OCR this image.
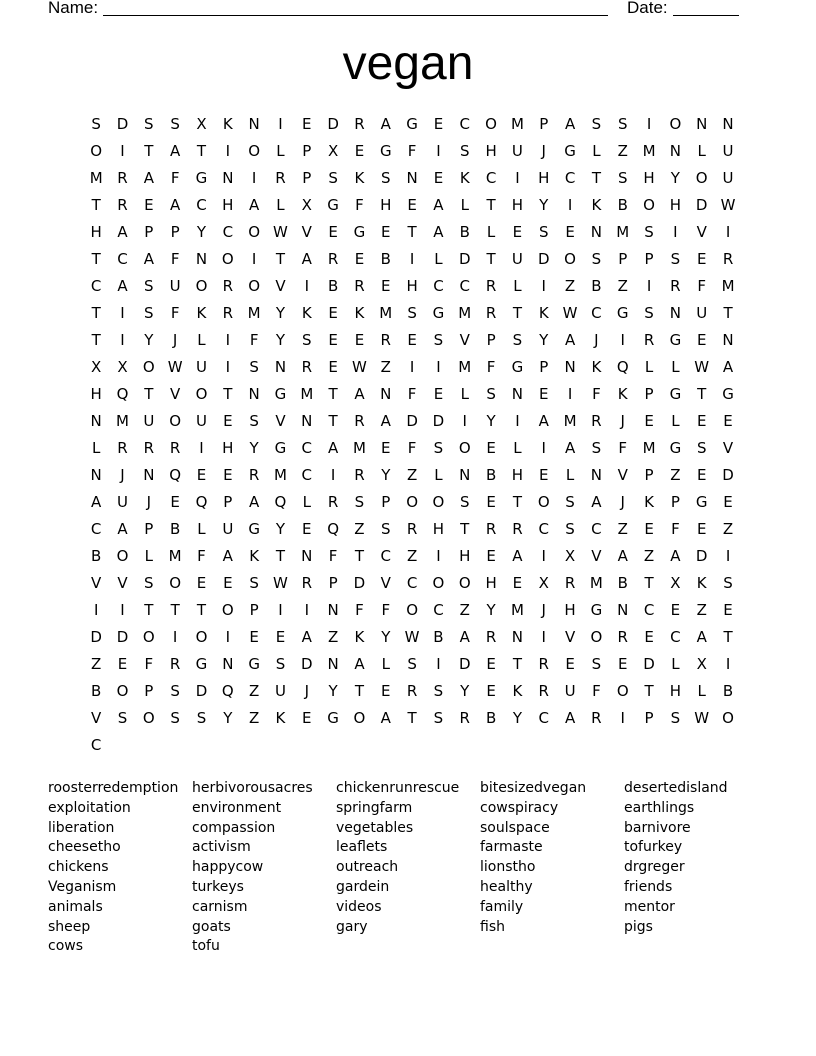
Name:	Date:
vegan
S	D	S	S	X	K	N	I	E	D	R	A	G	E	C	O M	P	A	S	S	I	O N	N
O	I	T	A	T	I	O	L	P	X	E	G	F	I	S	H	U	J	G	L	Z M N	L	U
M R	A	F	G N	I	R	P	S	K	S	N	E	K	C	I	H	C	T	S	H	Y	O U
T	R	E	A	C	H	A	L	X	G	F	H	E	A	L	T	H	Y	I	K	B	O H D W
H	A	P	P	Y	C	O W V	E	G	E	T	A	B	L	E	S	E	N M	S	I	V	I
T	C	A	F	N O	I	T	A	R	E	B	I	L	D	T	U	D O	S	P	P	S	E	R
C	A	S	U O	R	O	V	I	B	R	E	H	C	C	R	L	I	Z	B	Z	I	R	F	M
T	I	S	F	K	R M	Y	K	E	K M	S	G M R	T	K W C	G	S	N	U	T
T	I	Y	J	L	I	F	Y	S	E	E	R	E	S	V	P	S	Y	A	J	I	R	G	E	N
X	X	O W U	I	S	N	R	E W Z	I	I	M	F	G	P	N	K	Q	L	L W A
H Q	T	V	O	T	N G M	T	A	N	F	E	L	S	N	E	I	F	K	P	G	T	G
N M U O U	E	S	V	N	T	R	A	D D	I	Y	I	A M R	J	E	L	E	E
L	R	R	R	I	H	Y	G	C	A M	E	F	S	O	E	L	I	A	S	F	M G	S	V
N	J	N Q	E	E	R M C	I	R	Y	Z	L	N	B	H	E	L	N	V	P	Z	E	D
A	U	J	E	Q	P	A	Q	L	R	S	P	O O	S	E	T	O	S	A	J	K	P	G	E
C	A	P	B	L	U	G	Y	E	Q	Z	S	R	H	T	R	R	C	S	C	Z	E	F	E	Z
B	O	L	M	F	A	K	T	N	F	T	C	Z	I	H	E	A	I	X	V	A	Z	A	D	I
V	V	S	O	E	E	S W R	P	D	V	C	O O H	E	X	R M B	T	X	K	S
I	I	T	T	T	O	P	I	I	N	F	F	O	C	Z	Y	M	J	H G N	C	E	Z	E
D D O	I	O	I	E	E	A	Z	K	Y W B	A	R	N	I	V	O	R	E	C	A	T
Z	E	F	R	G N G	S	D N	A	L	S	I	D	E	T	R	E	S	E	D	L	X	I
B	O	P	S	D Q	Z	U	J	Y	T	E	R	S	Y	E	K	R	U	F	O	T	H	L	B
V	S	O	S	S	Y	Z	K	E	G O	A	T	S	R	B	Y	C	A	R	I	P	S W O
C
roosterredemption
exploitation
liberation
cheesetho
chickens
Veganism
animals
sheep
cows
herbivorousacres
environment
compassion
activism
happycow
turkeys
carnism
goats
tofu
chickenrunrescue
springfarm
vegetables
leaflets
outreach
gardein
videos
gary
bitesizedvegan
cowspiracy
soulspace
farmaste
lionstho
healthy
family
fish
desertedisland
earthlings
barnivore
tofurkey
drgreger
friends
mentor
pigs
